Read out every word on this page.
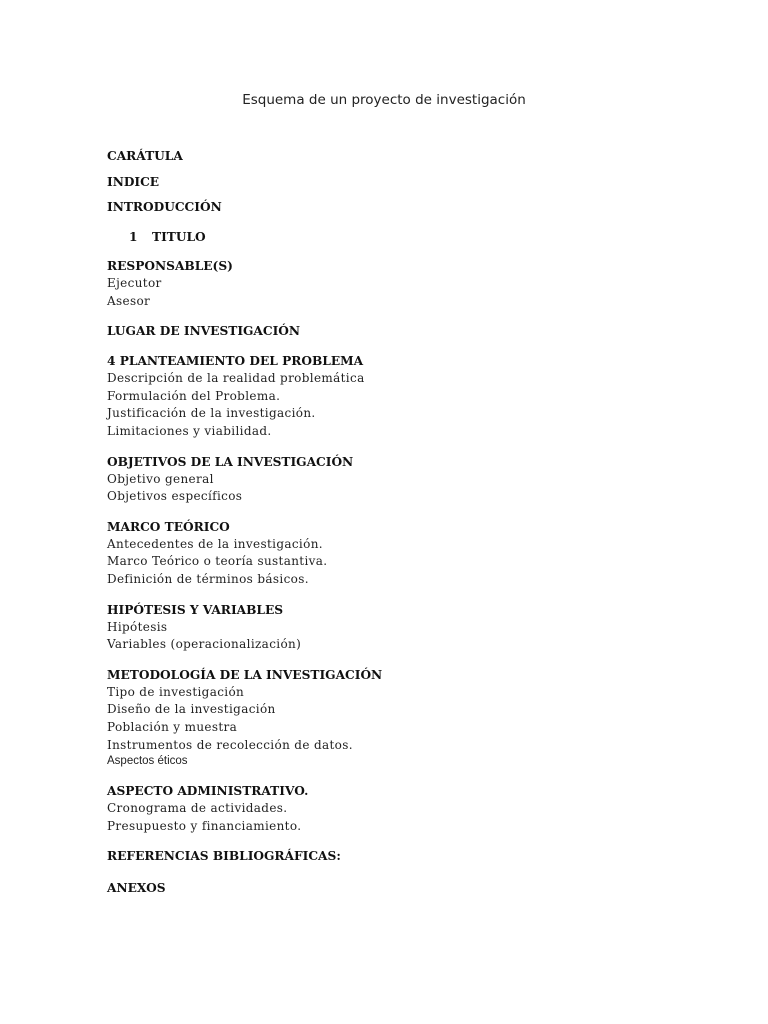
Esquema de un proyecto de investigación
CARÁTULA
INDICE
INTRODUCCIÓN
1 TITULO
RESPONSABLE(S)
Ejecutor
Asesor
LUGAR DE INVESTIGACIÓN
4 PLANTEAMIENTO DEL PROBLEMA
Descripción de la realidad problemática
Formulación del Problema.
Justificación de la investigación.
Limitaciones y viabilidad.
OBJETIVOS DE LA INVESTIGACIÓN
Objetivo general
Objetivos específicos
MARCO TEÓRICO
Antecedentes de la investigación.
Marco Teórico o teoría sustantiva.
Definición de términos básicos.
HIPÓTESIS Y VARIABLES
Hipótesis
Variables (operacionalización)
METODOLOGÍA DE LA INVESTIGACIÓN
Tipo de investigación
Diseño de la investigación
Población y muestra
Instrumentos de recolección de datos.
Aspectos éticos
ASPECTO ADMINISTRATIVO.
Cronograma de actividades.
Presupuesto y financiamiento.
REFERENCIAS BIBLIOGRÁFICAS:
ANEXOS
